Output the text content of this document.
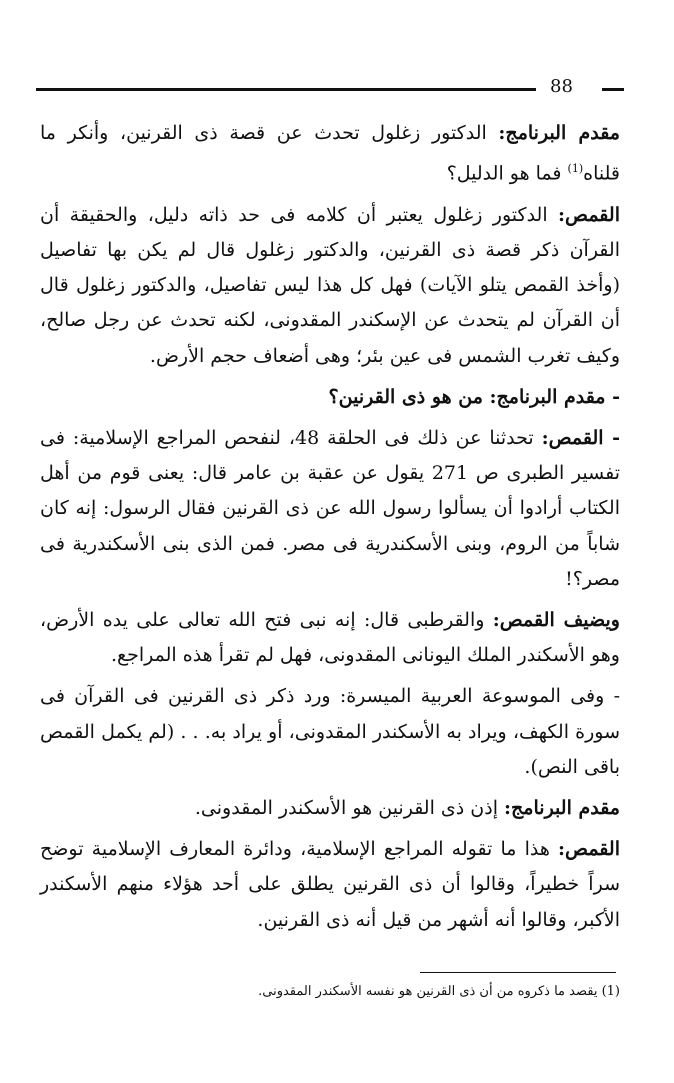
88

مقدم البرنامج: الدكتور زغلول تحدث عن قصة ذى القرنين، وأنكر ما قلناه$^{(1)}$ فما هو الدليل؟

القمص: الدكتور زغلول يعتبر أن كلامه فى حد ذاته دليل، والحقيقة أن القرآن ذكر قصة ذى القرنين، والدكتور زغلول قال لم يكن بها تفاصيل (وأخذ القمص يتلو الآيات) فهل كل هذا ليس تفاصيل، والدكتور زغلول قال أن القرآن لم يتحدث عن الإسكندر المقدونى، لكنه تحدث عن رجل صالح، وكيف تغرب الشمس فى عين بئر؛ وهى أضعاف حجم الأرض.

- مقدم البرنامج: من هو ذى القرنين؟

- القمص: تحدثنا عن ذلك فى الحلقة 48، لنفحص المراجع الإسلامية: فى تفسير الطبرى ص 271 يقول عن عقبة بن عامر قال: يعنى قوم من أهل الكتاب أرادوا أن يسألوا رسول الله عن ذى القرنين فقال الرسول: إنه كان شاباً من الروم، وبنى الأسكندرية فى مصر. فمن الذى بنى الأسكندرية فى مصر؟!

ويضيف القمص: والقرطبى قال: إنه نبى فتح الله تعالى على يده الأرض، وهو الأسكندر الملك اليونانى المقدونى، فهل لم تقرأ هذه المراجع.

- وفى الموسوعة العربية الميسرة: ورد ذكر ذى القرنين فى القرآن فى سورة الكهف، ويراد به الأسكندر المقدونى، أو يراد به. . . (لم يكمل القمص باقى النص).

مقدم البرنامج: إذن ذى القرنين هو الأسكندر المقدونى.

القمص: هذا ما تقوله المراجع الإسلامية، ودائرة المعارف الإسلامية توضح سراً خطيراً، وقالوا أن ذى القرنين يطلق على أحد هؤلاء منهم الأسكندر الأكبر، وقالوا أنه أشهر من قيل أنه ذى القرنين.

(1) يقصد ما ذكروه من أن ذى القرنين هو نفسه الأسكندر المقدونى.
